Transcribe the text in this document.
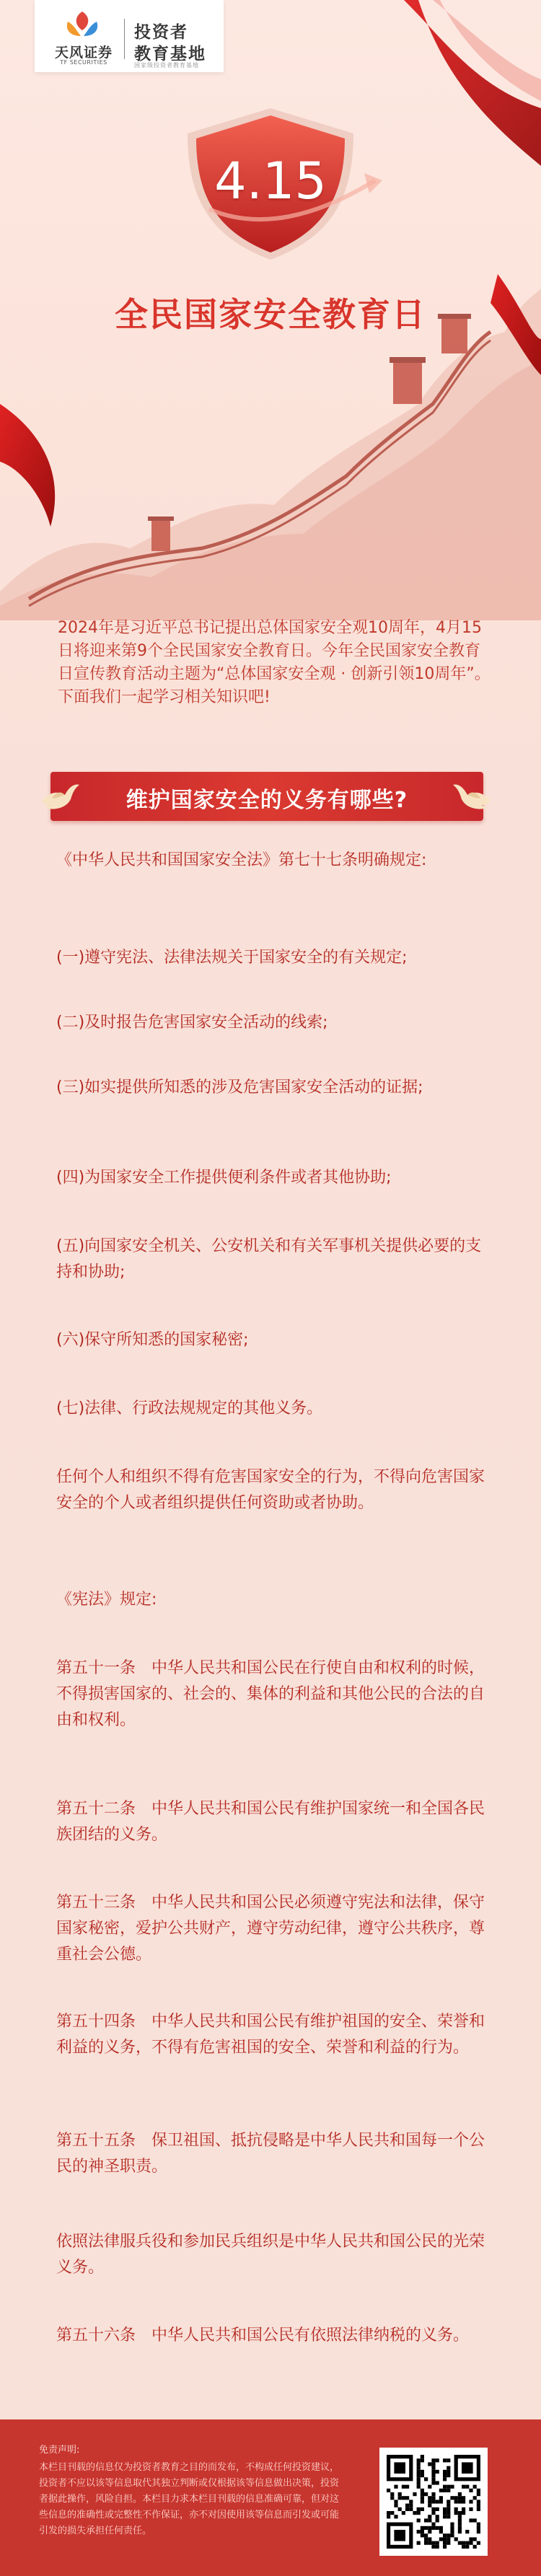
天风证券
TF SECURITIES
投资者
教育基地
国家级投资者教育基地
4.15
全民国家安全教育日
2024年是习近平总书记提出总体国家安全观10周年，4月15日将迎来第9个全民国家安全教育日。今年全民国家安全教育日宣传教育活动主题为“总体国家安全观 · 创新引领10周年”。下面我们一起学习相关知识吧!
维护国家安全的义务有哪些?
《中华人民共和国国家安全法》第七十七条明确规定:
(一)遵守宪法、法律法规关于国家安全的有关规定;
(二)及时报告危害国家安全活动的线索;
(三)如实提供所知悉的涉及危害国家安全活动的证据;
(四)为国家安全工作提供便利条件或者其他协助;
(五)向国家安全机关、公安机关和有关军事机关提供必要的支持和协助;
(六)保守所知悉的国家秘密;
(七)法律、行政法规规定的其他义务。
任何个人和组织不得有危害国家安全的行为，不得向危害国家安全的个人或者组织提供任何资助或者协助。
《宪法》规定:
第五十一条　中华人民共和国公民在行使自由和权利的时候，不得损害国家的、社会的、集体的利益和其他公民的合法的自由和权利。
第五十二条　中华人民共和国公民有维护国家统一和全国各民族团结的义务。
第五十三条　中华人民共和国公民必须遵守宪法和法律，保守国家秘密，爱护公共财产，遵守劳动纪律，遵守公共秩序，尊重社会公德。
第五十四条　中华人民共和国公民有维护祖国的安全、荣誉和利益的义务，不得有危害祖国的安全、荣誉和利益的行为。
第五十五条　保卫祖国、抵抗侵略是中华人民共和国每一个公民的神圣职责。
依照法律服兵役和参加民兵组织是中华人民共和国公民的光荣义务。
第五十六条　中华人民共和国公民有依照法律纳税的义务。
免责声明:
本栏目刊载的信息仅为投资者教育之目的而发布，不构成任何投资建议，投资者不应以该等信息取代其独立判断或仅根据该等信息做出决策，投资者据此操作，风险自担。本栏目力求本栏目刊载的信息准确可靠，但对这些信息的准确性或完整性不作保证，亦不对因使用该等信息而引发或可能引发的损失承担任何责任。
